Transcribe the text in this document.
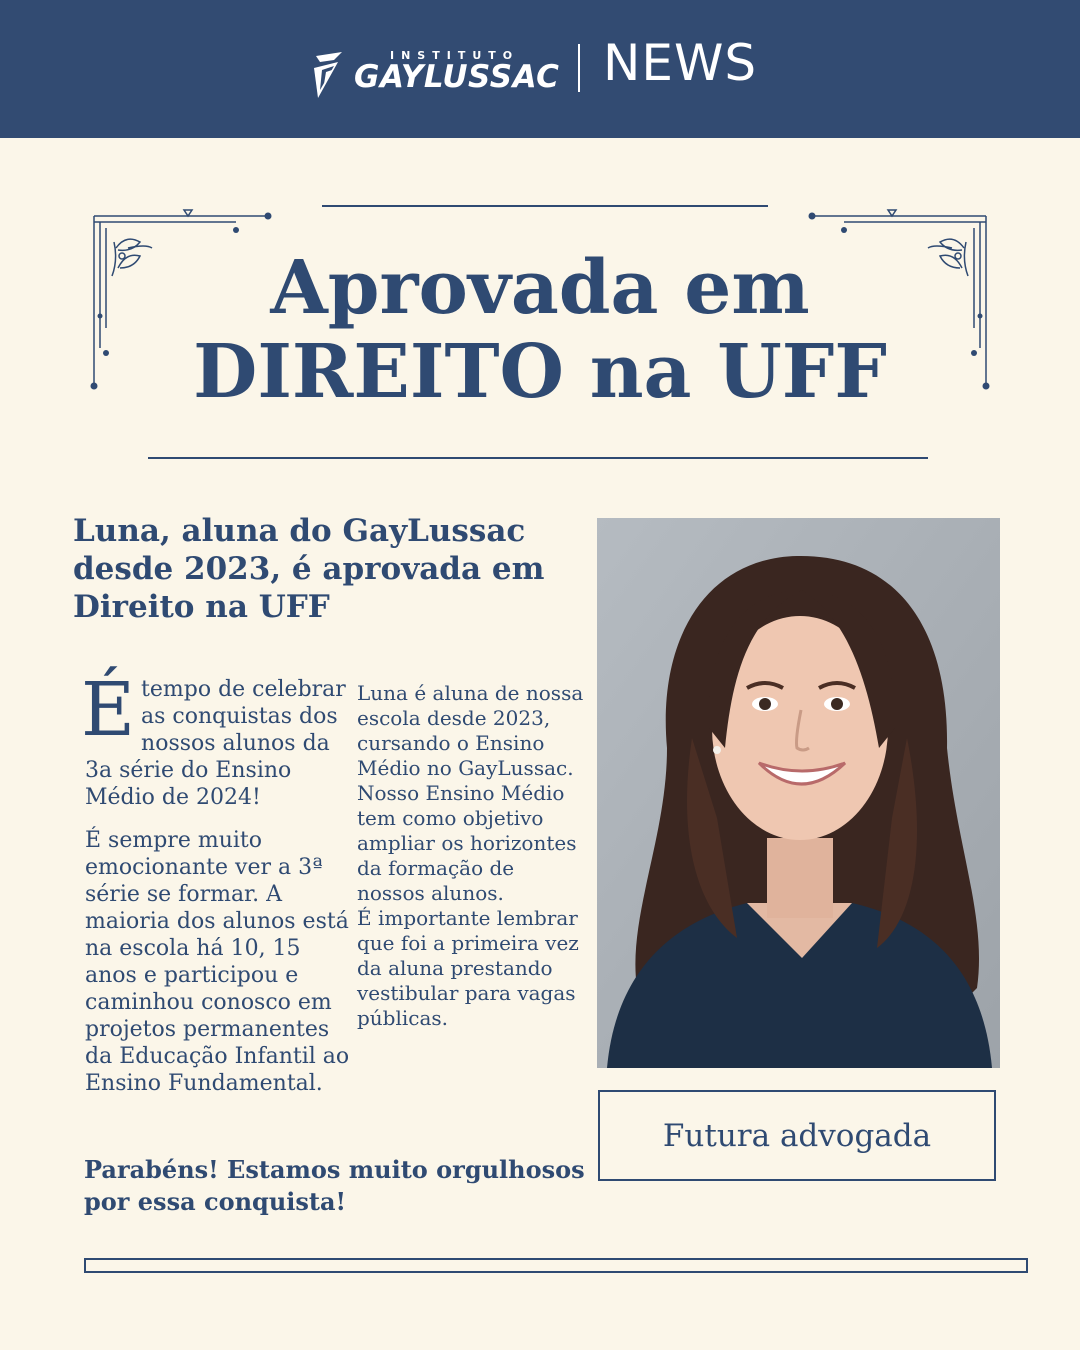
INSTITUTO
GAYLUSSAC NEWS
Aprovada em
DIREITO na UFF
Luna, aluna do GayLussac desde 2023, é aprovada em Direito na UFF

É tempo de celebrar as conquistas dos nossos alunos da 3a série do Ensino Médio de 2024!

É sempre muito emocionante ver a 3ª série se formar. A maioria dos alunos está na escola há 10, 15 anos e participou e caminhou conosco em projetos permanentes da Educação Infantil ao Ensino Fundamental.

Luna é aluna de nossa escola desde 2023, cursando o Ensino Médio no GayLussac. Nosso Ensino Médio tem como objetivo ampliar os horizontes da formação de nossos alunos.

É importante lembrar que foi a primeira vez da aluna prestando vestibular para vagas públicas.

Parabéns! Estamos muito orgulhosos por essa conquista!
Futura advogada
